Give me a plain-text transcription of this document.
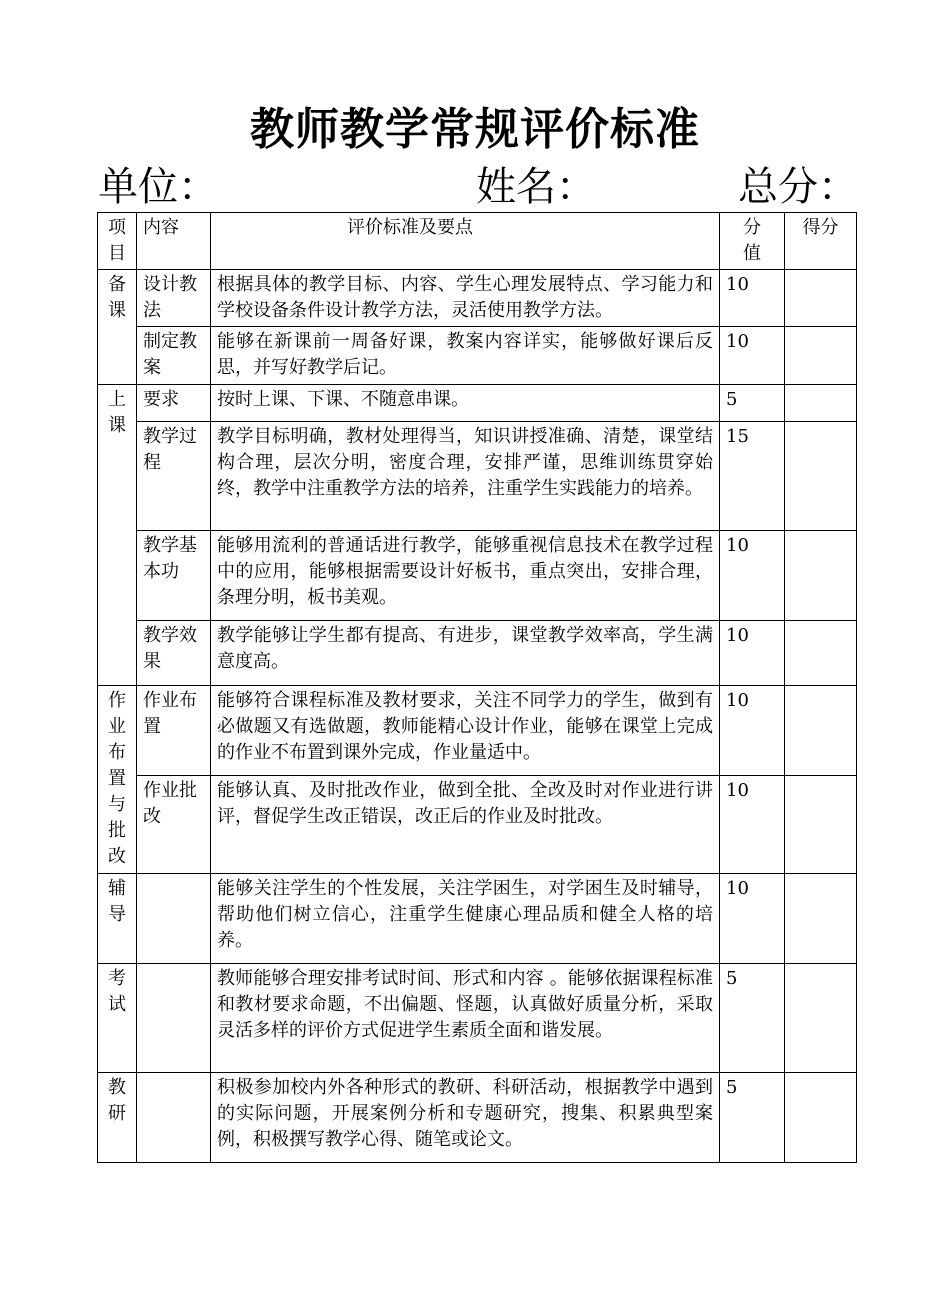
教师教学常规评价标准
单位：	姓名：	总分：
项目	内容	评价标准及要点	分值	得分
备课	设计教法	根据具体的教学目标、内容、学生心理发展特点、学习能力和学校设备条件设计教学方法，灵活使用教学方法。	10	
	制定教案	能够在新课前一周备好课，教案内容详实，能够做好课后反思，并写好教学后记。	10	
上课	要求	按时上课、下课、不随意串课。	5	
	教学过程	教学目标明确，教材处理得当，知识讲授准确、清楚，课堂结构合理，层次分明，密度合理，安排严谨，思维训练贯穿始终，教学中注重教学方法的培养，注重学生实践能力的培养。	15	
	教学基本功	能够用流利的普通话进行教学，能够重视信息技术在教学过程中的应用，能够根据需要设计好板书，重点突出，安排合理，条理分明，板书美观。	10	
	教学效果	教学能够让学生都有提高、有进步，课堂教学效率高，学生满意度高。	10	
作业布置与批改	作业布置	能够符合课程标准及教材要求，关注不同学力的学生，做到有必做题又有选做题，教师能精心设计作业，能够在课堂上完成的作业不布置到课外完成，作业量适中。	10	
	作业批改	能够认真、及时批改作业，做到全批、全改及时对作业进行讲评，督促学生改正错误，改正后的作业及时批改。	10	
辅导		能够关注学生的个性发展，关注学困生，对学困生及时辅导，帮助他们树立信心，注重学生健康心理品质和健全人格的培养。	10	
考试		教师能够合理安排考试时间、形式和内容 。能够依据课程标准和教材要求命题，不出偏题、怪题，认真做好质量分析，采取灵活多样的评价方式促进学生素质全面和谐发展。	5	
教研		积极参加校内外各种形式的教研、科研活动，根据教学中遇到的实际问题，开展案例分析和专题研究，搜集、积累典型案例，积极撰写教学心得、随笔或论文。	5	
